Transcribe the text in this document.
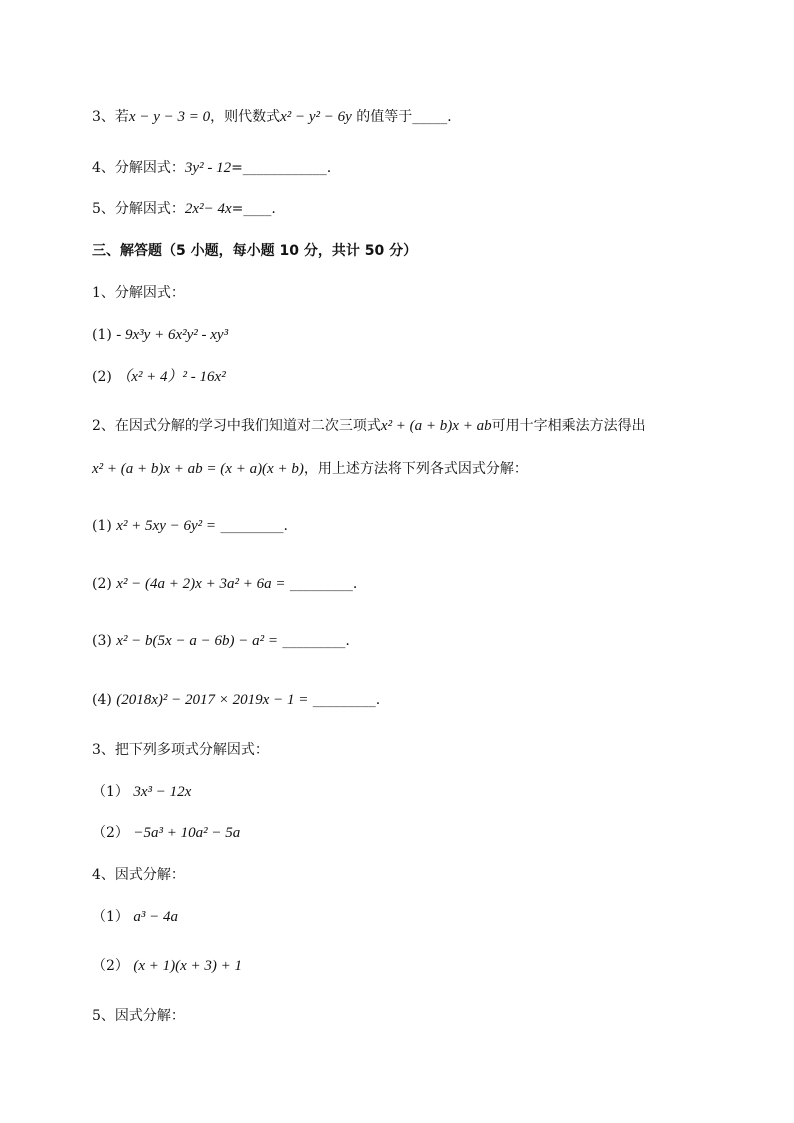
3、若x − y − 3 = 0，则代数式x² − y² − 6y 的值等于_____．
4、分解因式：3y² - 12=____________.
5、分解因式：2x²− 4x=____.
三、解答题（5 小题，每小题 10 分，共计 50 分）
1、分解因式：
(1) - 9x³y + 6x²y² - xy³
(2) （x² + 4）² - 16x²
2、在因式分解的学习中我们知道对二次三项式x² + (a + b)x + ab可用十字相乘法方法得出
x² + (a + b)x + ab = (x + a)(x + b)，用上述方法将下列各式因式分解：
(1) x² + 5xy − 6y² = _________.
(2) x² − (4a + 2)x + 3a² + 6a = _________.
(3) x² − b(5x − a − 6b) − a² = _________.
(4) (2018x)² − 2017 × 2019x − 1 = _________.
3、把下列多项式分解因式：
（1） 3x³ − 12x
（2） −5a³ + 10a² − 5a
4、因式分解：
（1） a³ − 4a
（2） (x + 1)(x + 3) + 1
5、因式分解：
